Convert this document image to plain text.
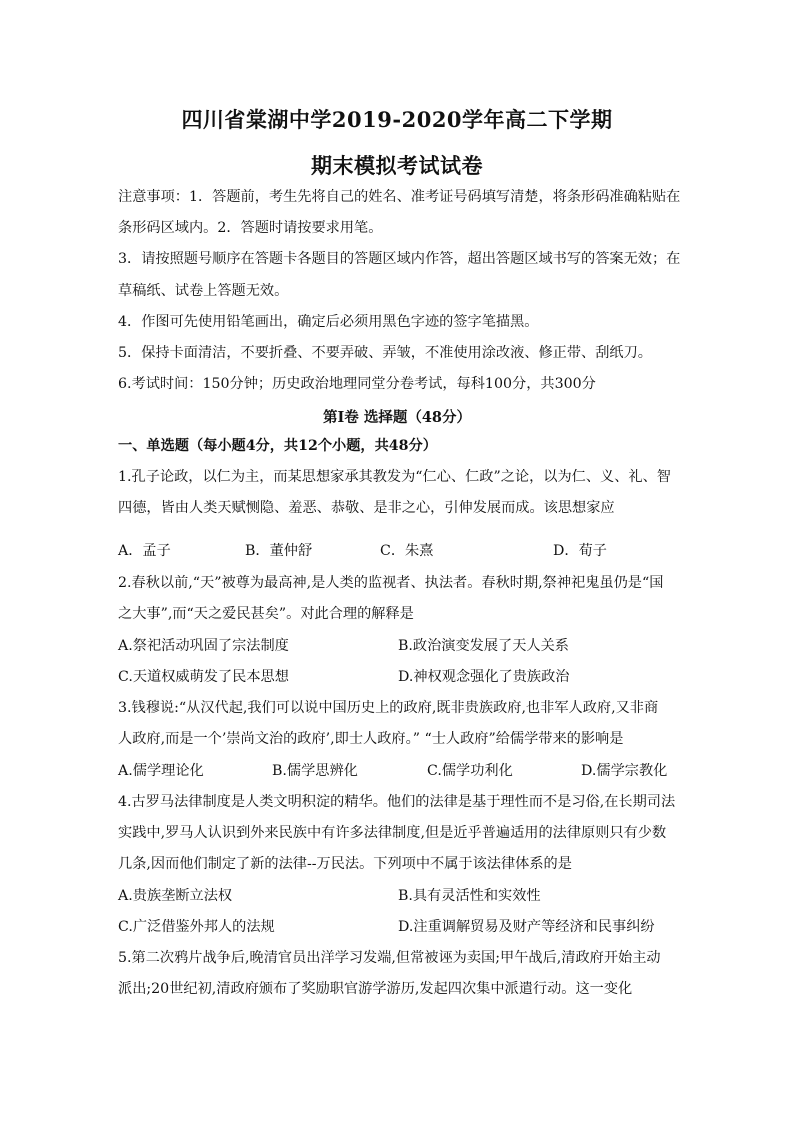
四川省棠湖中学2019-2020学年高二下学期
期末模拟考试试卷
注意事项：1．答题前，考生先将自己的姓名、准考证号码填写清楚，将条形码准确粘贴在
条形码区域内。2．答题时请按要求用笔。
3．请按照题号顺序在答题卡各题目的答题区域内作答，超出答题区域书写的答案无效；在
草稿纸、试卷上答题无效。
4．作图可先使用铅笔画出，确定后必须用黑色字迹的签字笔描黑。
5．保持卡面清洁，不要折叠、不要弄破、弄皱，不准使用涂改液、修正带、刮纸刀。
6.考试时间：150分钟；历史政治地理同堂分卷考试，每科100分，共300分
第I卷 选择题（48分）
一、单选题（每小题4分，共12个小题，共48分）
1.孔子论政，以仁为主，而某思想家承其教发为“仁心、仁政”之论，以为仁、义、礼、智
四德，皆由人类天赋恻隐、羞恶、恭敬、是非之心，引伸发展而成。该思想家应
A．孟子	B．董仲舒	C．朱熹	D．荀子
2.春秋以前,“天”被尊为最高神,是人类的监视者、执法者。春秋时期,祭神祀鬼虽仍是“国
之大事”,而“天之爱民甚矣”。对此合理的解释是
A.祭祀活动巩固了宗法制度	B.政治演变发展了天人关系
C.天道权威萌发了民本思想	D.神权观念强化了贵族政治
3.钱穆说:“从汉代起,我们可以说中国历史上的政府,既非贵族政府,也非军人政府,又非商
人政府,而是一个’崇尚文治的政府’,即士人政府。” “士人政府”给儒学带来的影响是
A.儒学理论化	B.儒学思辨化	C.儒学功利化	D.儒学宗教化
4.古罗马法律制度是人类文明积淀的精华。他们的法律是基于理性而不是习俗,在长期司法
实践中,罗马人认识到外来民族中有许多法律制度,但是近乎普遍适用的法律原则只有少数
几条,因而他们制定了新的法律--万民法。下列项中不属于该法律体系的是
A.贵族垄断立法权	B.具有灵活性和实效性
C.广泛借鉴外邦人的法规	D.注重调解贸易及财产等经济和民事纠纷
5.第二次鸦片战争后,晚清官员出洋学习发端,但常被诬为卖国;甲午战后,清政府开始主动
派出;20世纪初,清政府颁布了奖励职官游学游历,发起四次集中派遣行动。这一变化
